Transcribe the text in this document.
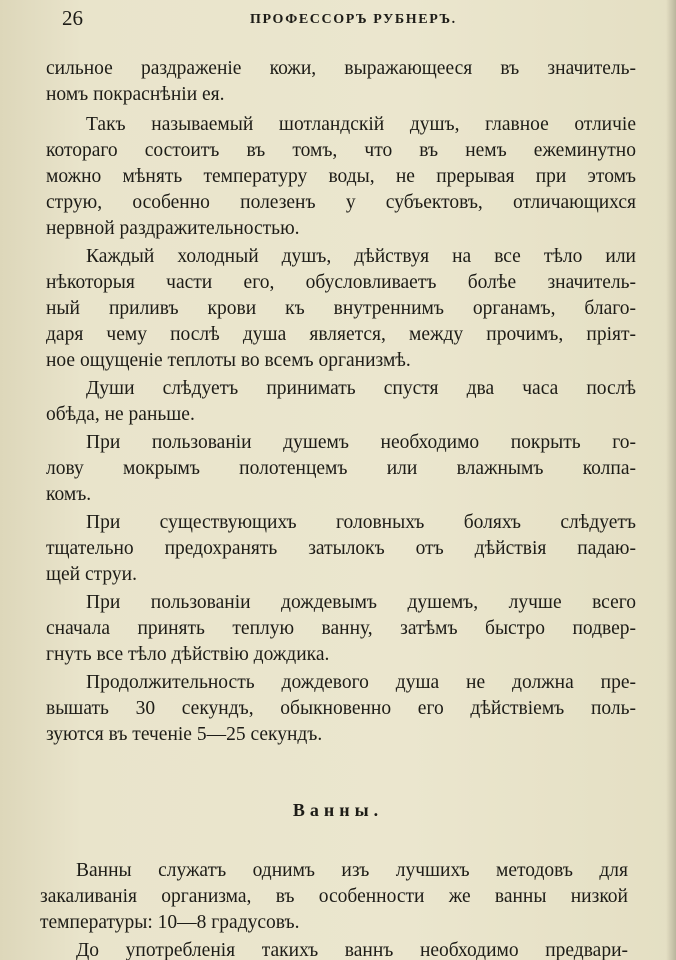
26	ПРОФЕССОРЪ РУБНЕРЪ.
сильное раздраженіе кожи, выражающееся въ значитель-
номъ покраснѣніи ея.
Такъ называемый шотландскій душъ, главное отличіе
котораго состоитъ въ томъ, что въ немъ ежеминутно
можно мѣнять температуру воды, не прерывая при этомъ
струю, особенно полезенъ у субъектовъ, отличающихся
нервной раздражительностью.
Каждый холодный душъ, дѣйствуя на все тѣло или
нѣкоторыя части его, обусловливаетъ болѣе значитель-
ный приливъ крови къ внутреннимъ органамъ, благо-
даря чему послѣ душа является, между прочимъ, пріят-
ное ощущеніе теплоты во всемъ организмѣ.
Души слѣдуетъ принимать спустя два часа послѣ
обѣда, не раньше.
При пользованіи душемъ необходимо покрыть го-
лову мокрымъ полотенцемъ или влажнымъ колпа-
комъ.
При существующихъ головныхъ боляхъ слѣдуетъ
тщательно предохранять затылокъ отъ дѣйствія падаю-
щей струи.
При пользованіи дождевымъ душемъ, лучше всего
сначала принять теплую ванну, затѣмъ быстро подвер-
гнуть все тѣло дѣйствію дождика.
Продолжительность дождевого душа не должна пре-
вышать 30 секундъ, обыкновенно его дѣйствіемъ поль-
зуются въ теченіе 5—25 секундъ.
Ванны.
Ванны служатъ однимъ изъ лучшихъ методовъ для
закаливанія организма, въ особенности же ванны низкой
температуры: 10—8 градусовъ.
До употребленія такихъ ваннъ необходимо предвари-
